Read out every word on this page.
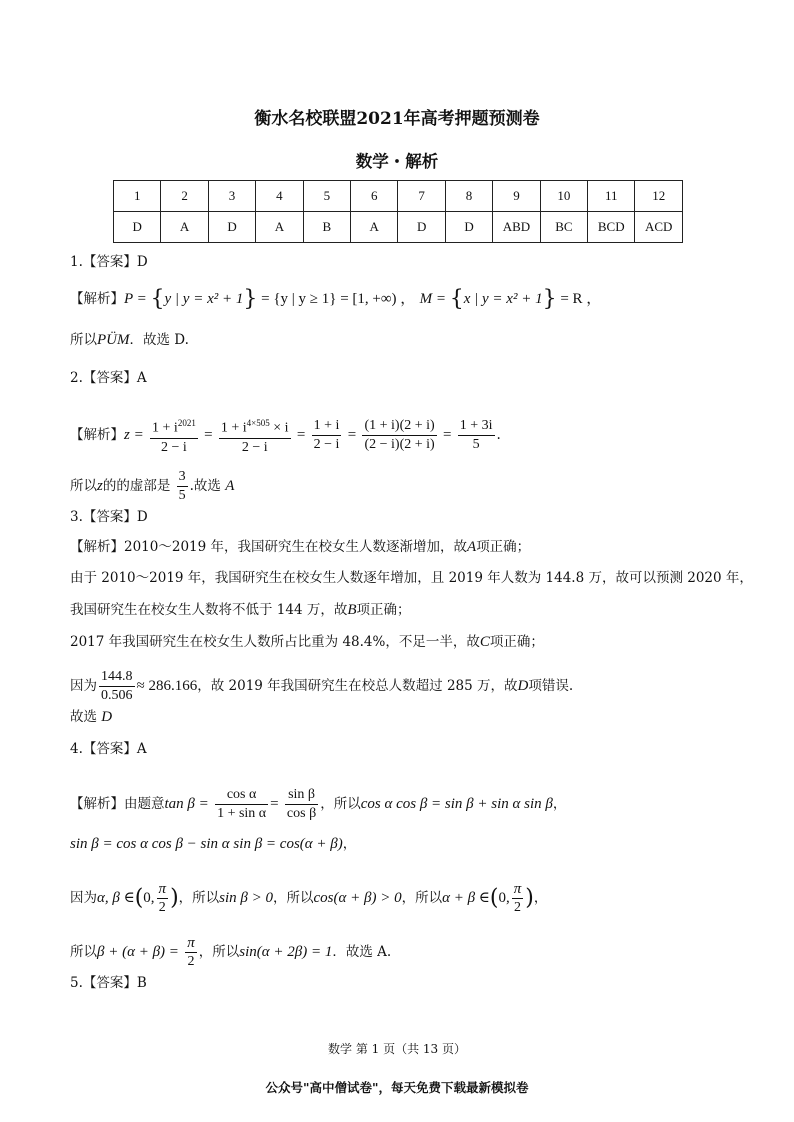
衡水名校联盟2021年高考押题预测卷
数学・解析
1	2	3	4	5	6	7	8	9	10	11	12
D	A	D	A	B	A	D	D	ABD	BC	BCD	ACD
1.【答案】D
【解析】P = {y | y = x² + 1} = {y | y ≥ 1} = [1, +∞) ， M = {x | y = x² + 1} = R ，
所以PÜM．故选 D.
2.【答案】A
【解析】$z = \frac{1 + i^{2021}}{2 - i} = \frac{1 + i^{4\times 505} \times i}{2 - i} = \frac{1 + i}{2 - i} = \frac{(1 + i)(2 + i)}{(2 - i)(2 + i)} = \frac{1 + 3i}{5}$ .
所以z的的虚部是 $\frac{3}{5}$ .故选 A
3.【答案】D
【解析】2010～2019 年，我国研究生在校女生人数逐渐增加，故A项正确；
由于 2010～2019 年，我国研究生在校女生人数逐年增加，且 2019 年人数为 144.8 万，故可以预测 2020 年，
我国研究生在校女生人数将不低于 144 万，故B项正确；
2017 年我国研究生在校女生人数所占比重为 48.4%，不足一半，故C项正确；
因为 $\frac{144.8}{0.506} \approx 286.166$，故 2019 年我国研究生在校总人数超过 285 万，故D项错误.
故选 D
4.【答案】A
【解析】由题意$\tan \beta = \frac{\text{cos α}}{\text{1 + sin α}} = \frac{\text{sin β}}{\text{cos β}}$ ，所以cos α cos β = sin β + sin α sin β，
sin β = cos α cos β − sin α sin β = cos(α + β)，
因为α, β ∈(0, $\frac{\pi}{2}$ )，所以sin β > 0，所以cos(α + β) > 0，所以α + β ∈(0, $\frac{\pi}{2}$ )，
所以$\beta + (\alpha + \beta) = \frac{\pi}{2}$ ，所以sin(α + 2β) = 1．故选 A.
5.【答案】B
数学 第 1 页（共 13 页）
公众号"高中僧试卷"，每天免费下载最新模拟卷
